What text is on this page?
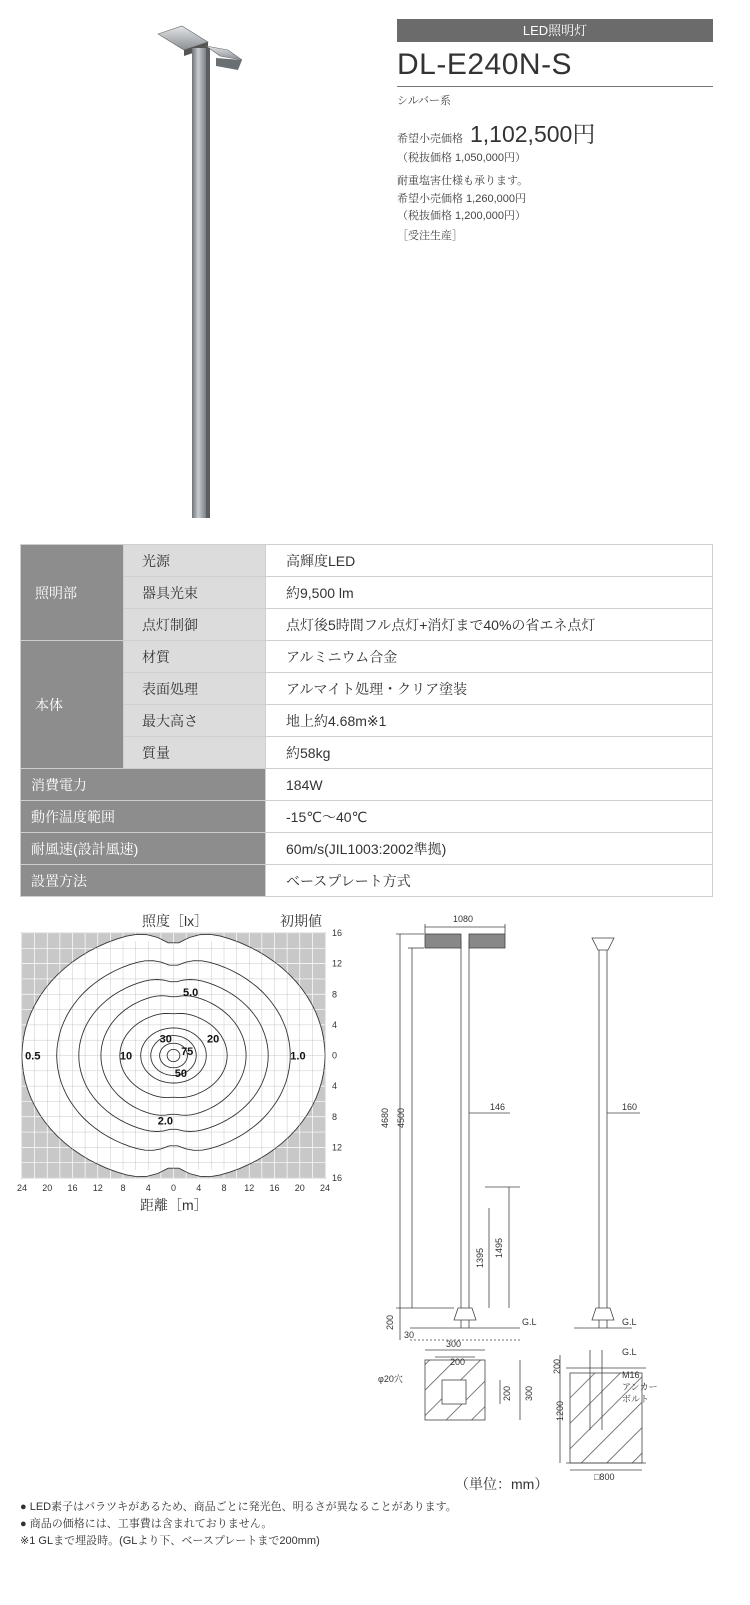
LED照明灯
DL-E240N-S
シルバー系
希望小売価格 1,102,500円
（税抜価格 1,050,000円）
耐重塩害仕様も承ります。
希望小売価格 1,260,000円
（税抜価格 1,200,000円）
［受注生産］
照明部	光源	高輝度LED
	器具光束	約9,500 lm
	点灯制御	点灯後5時間フル点灯+消灯まで40%の省エネ点灯
本体	材質	アルミニウム合金
	表面処理	アルマイト処理・クリア塗装
	最大高さ	地上約4.68m※1
	質量	約58kg
消費電力		184W
動作温度範囲		-15℃～40℃
耐風速(設計風速)		60m/s(JIL1003:2002準拠)
設置方法		ベースプレート方式
照度［lx］	初期値
0.5	1.0
2.0
5.0
10
20
30
50
75
24 20 16 12 8 4 0 4 8 12 16 20 24
16
12
8
4
0
4
8
12
16
距離［m］
1080
4680 4500
146	160
1395 1495
200
30
G.L	G.L
300
200
φ20穴
200 300
200
1200
G.L
M16
アンカー
ボルト
□800
（単位：mm）
● LED素子はバラツキがあるため、商品ごとに発光色、明るさが異なることがあります。
● 商品の価格には、工事費は含まれておりません。
※1 GLまで埋設時。(GLより下、ベースプレートまで200mm)
